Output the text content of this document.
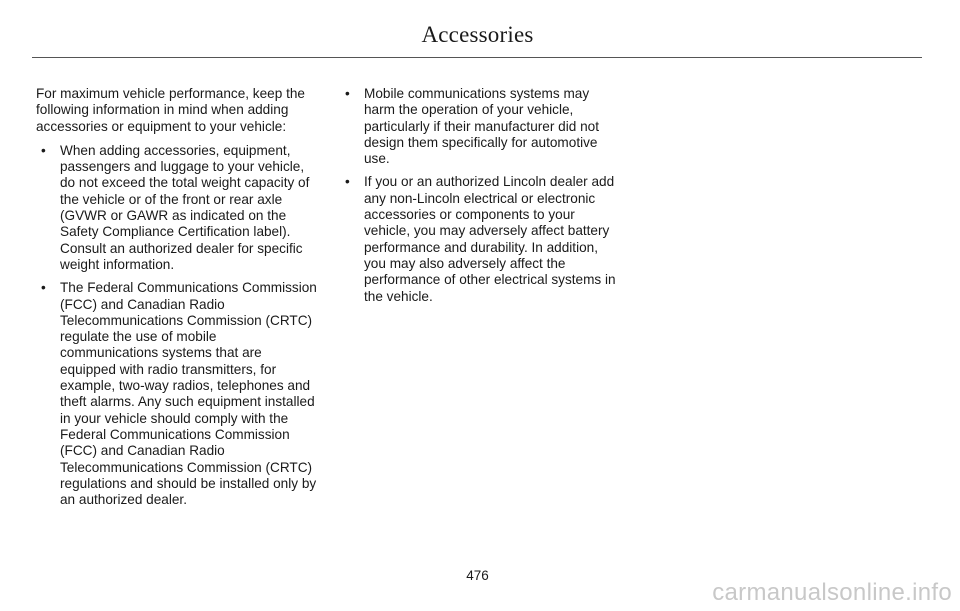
Accessories

For maximum vehicle performance, keep the following information in mind when adding accessories or equipment to your vehicle:

• When adding accessories, equipment, passengers and luggage to your vehicle, do not exceed the total weight capacity of the vehicle or of the front or rear axle (GVWR or GAWR as indicated on the Safety Compliance Certification label). Consult an authorized dealer for specific weight information.
• The Federal Communications Commission (FCC) and Canadian Radio Telecommunications Commission (CRTC) regulate the use of mobile communications systems that are equipped with radio transmitters, for example, two-way radios, telephones and theft alarms. Any such equipment installed in your vehicle should comply with the Federal Communications Commission (FCC) and Canadian Radio Telecommunications Commission (CRTC) regulations and should be installed only by an authorized dealer.
• Mobile communications systems may harm the operation of your vehicle, particularly if their manufacturer did not design them specifically for automotive use.
• If you or an authorized Lincoln dealer add any non-Lincoln electrical or electronic accessories or components to your vehicle, you may adversely affect battery performance and durability. In addition, you may also adversely affect the performance of other electrical systems in the vehicle.
476
carmanualsonline.info
